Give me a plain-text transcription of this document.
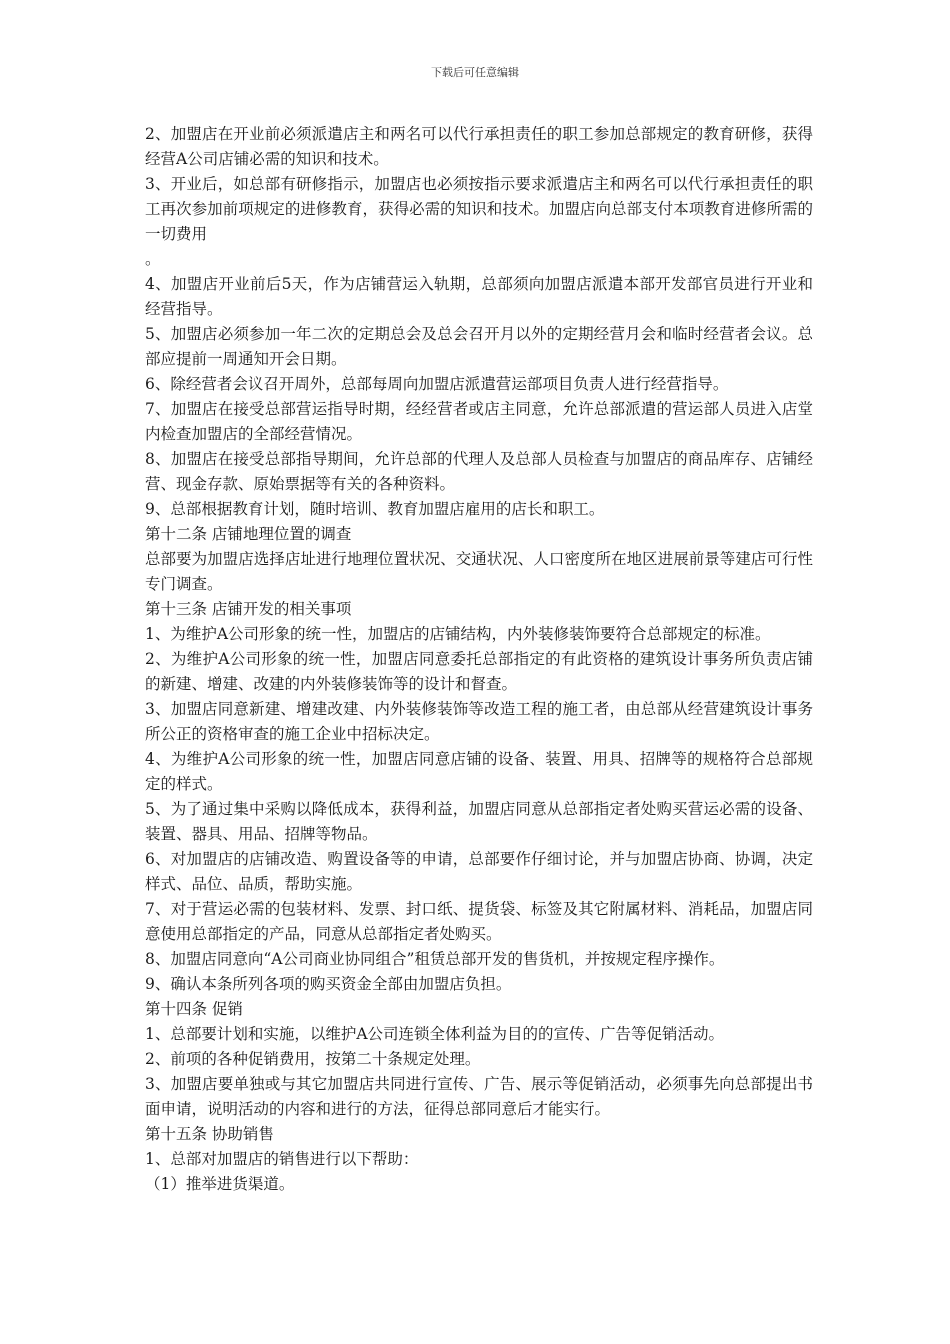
下载后可任意编辑

2、加盟店在开业前必须派遣店主和两名可以代行承担责任的职工参加总部规定的教育研修，获得经营A公司店铺必需的知识和技术。

3、开业后，如总部有研修指示，加盟店也必须按指示要求派遣店主和两名可以代行承担责任的职工再次参加前项规定的进修教育，获得必需的知识和技术。加盟店向总部支付本项教育进修所需的一切费用

。

4、加盟店开业前后5天，作为店铺营运入轨期，总部须向加盟店派遣本部开发部官员进行开业和经营指导。

5、加盟店必须参加一年二次的定期总会及总会召开月以外的定期经营月会和临时经营者会议。总部应提前一周通知开会日期。

6、除经营者会议召开周外，总部每周向加盟店派遣营运部项目负责人进行经营指导。

7、加盟店在接受总部营运指导时期，经经营者或店主同意，允许总部派遣的营运部人员进入店堂内检查加盟店的全部经营情况。

8、加盟店在接受总部指导期间，允许总部的代理人及总部人员检查与加盟店的商品库存、店铺经营、现金存款、原始票据等有关的各种资料。

9、总部根据教育计划，随时培训、教育加盟店雇用的店长和职工。

第十二条 店铺地理位置的调查

总部要为加盟店选择店址进行地理位置状况、交通状况、人口密度所在地区进展前景等建店可行性专门调查。

第十三条 店铺开发的相关事项

1、为维护A公司形象的统一性，加盟店的店铺结构，内外装修装饰要符合总部规定的标准。

2、为维护A公司形象的统一性，加盟店同意委托总部指定的有此资格的建筑设计事务所负责店铺的新建、增建、改建的内外装修装饰等的设计和督查。

3、加盟店同意新建、增建改建、内外装修装饰等改造工程的施工者，由总部从经营建筑设计事务所公正的资格审查的施工企业中招标决定。

4、为维护A公司形象的统一性，加盟店同意店铺的设备、装置、用具、招牌等的规格符合总部规定的样式。

5、为了通过集中采购以降低成本，获得利益，加盟店同意从总部指定者处购买营运必需的设备、装置、器具、用品、招牌等物品。

6、对加盟店的店铺改造、购置设备等的申请，总部要作仔细讨论，并与加盟店协商、协调，决定样式、品位、品质，帮助实施。

7、对于营运必需的包装材料、发票、封口纸、提货袋、标签及其它附属材料、消耗品，加盟店同意使用总部指定的产品，同意从总部指定者处购买。

8、加盟店同意向“A公司商业协同组合”租赁总部开发的售货机，并按规定程序操作。

9、确认本条所列各项的购买资金全部由加盟店负担。

第十四条 促销

1、总部要计划和实施，以维护A公司连锁全体利益为目的的宣传、广告等促销活动。

2、前项的各种促销费用，按第二十条规定处理。

3、加盟店要单独或与其它加盟店共同进行宣传、广告、展示等促销活动，必须事先向总部提出书面申请，说明活动的内容和进行的方法，征得总部同意后才能实行。

第十五条 协助销售

1、总部对加盟店的销售进行以下帮助：

（1）推举进货渠道。
